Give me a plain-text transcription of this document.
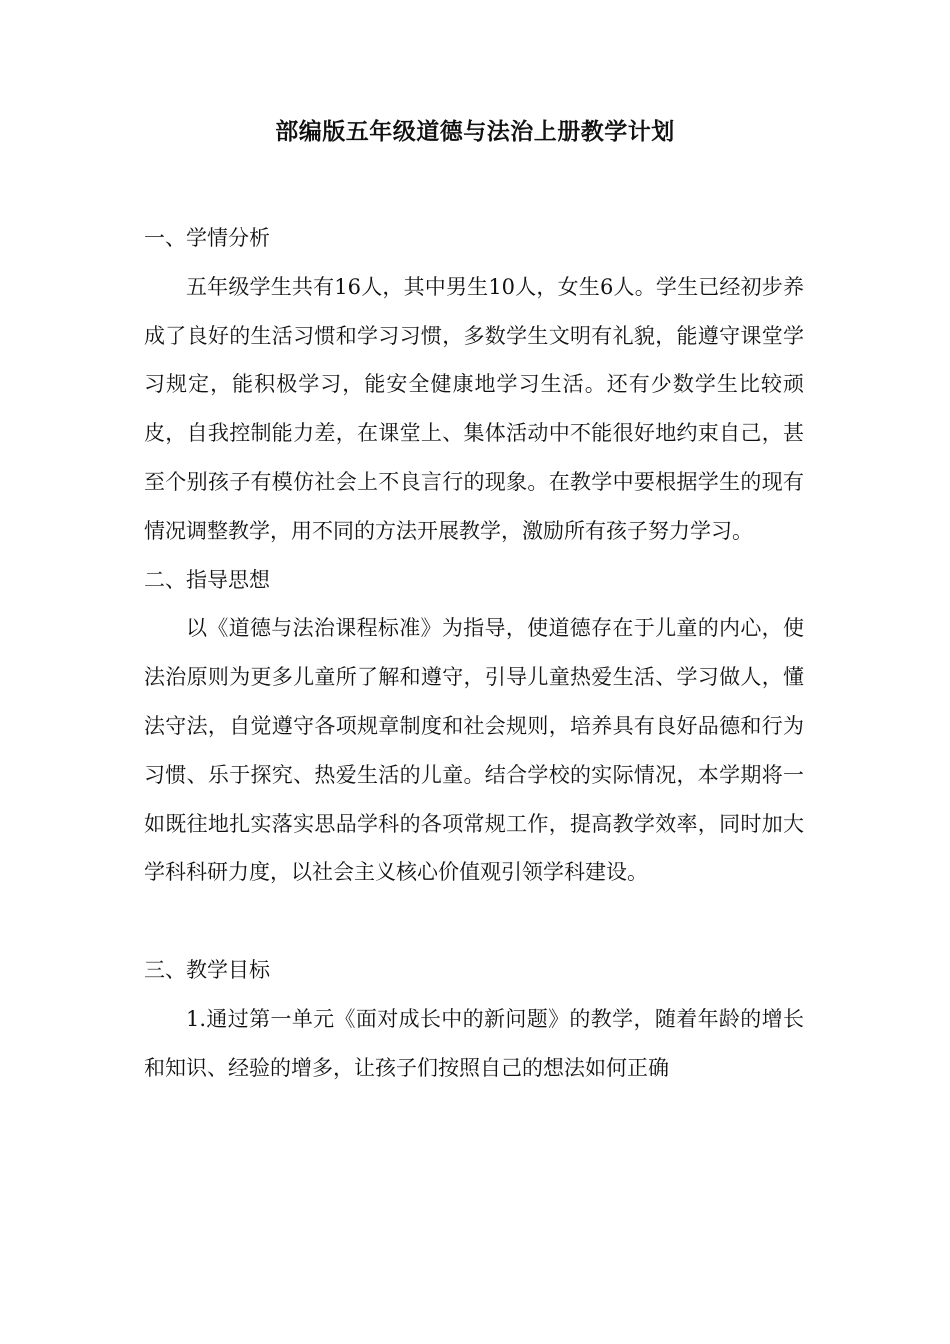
部编版五年级道德与法治上册教学计划
一、学情分析
五年级学生共有16人，其中男生10人，女生6人。学生已经初步养成了良好的生活习惯和学习习惯，多数学生文明有礼貌，能遵守课堂学习规定，能积极学习，能安全健康地学习生活。还有少数学生比较顽皮，自我控制能力差，在课堂上、集体活动中不能很好地约束自己，甚至个别孩子有模仿社会上不良言行的现象。在教学中要根据学生的现有情况调整教学，用不同的方法开展教学，激励所有孩子努力学习。
二、指导思想
以《道德与法治课程标准》为指导，使道德存在于儿童的内心，使法治原则为更多儿童所了解和遵守，引导儿童热爱生活、学习做人，懂法守法，自觉遵守各项规章制度和社会规则，培养具有良好品德和行为习惯、乐于探究、热爱生活的儿童。结合学校的实际情况，本学期将一如既往地扎实落实思品学科的各项常规工作，提高教学效率，同时加大学科科研力度，以社会主义核心价值观引领学科建设。
三、教学目标
1.通过第一单元《面对成长中的新问题》的教学，随着年龄的增长和知识、经验的增多，让孩子们按照自己的想法如何正确
